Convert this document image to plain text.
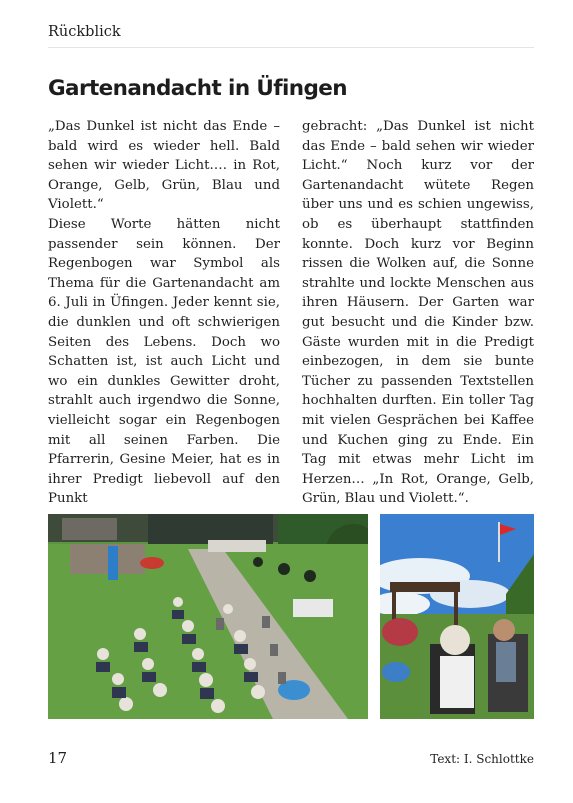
Rückblick
Gartenandacht in Üfingen

„Das Dunkel ist nicht das Ende – bald wird es wieder hell. Bald sehen wir wieder Licht.… in Rot, Orange, Gelb, Grün, Blau und Violett.“

Diese Worte hätten nicht passender sein können. Der Regenbogen war Symbol als Thema für die Gartenandacht am 6. Juli in Üfingen. Jeder kennt sie, die dunklen und oft schwierigen Seiten des Lebens. Doch wo Schatten ist, ist auch Licht und wo ein dunkles Gewitter droht, strahlt auch irgendwo die Sonne, vielleicht sogar ein Regenbogen mit all seinen Farben. Die Pfarrerin, Gesine Meier, hat es in ihrer Predigt liebevoll auf den Punkt

gebracht: „Das Dunkel ist nicht das Ende – bald sehen wir wieder Licht.“ Noch kurz vor der Gartenandacht wütete Regen über uns und es schien ungewiss, ob es überhaupt stattfinden konnte. Doch kurz vor Beginn rissen die Wolken auf, die Sonne strahlte und lockte Menschen aus ihren Häusern. Der Garten war gut besucht und die Kinder bzw. Gäste wurden mit in die Predigt einbezogen, in dem sie bunte Tücher zu passenden Textstellen hochhalten durften. Ein toller Tag mit vielen Gesprächen bei Kaffee und Kuchen ging zu Ende. Ein Tag mit etwas mehr Licht im Herzen… „In Rot, Orange, Gelb, Grün, Blau und Violett.“.

17	Text: I. Schlottke
